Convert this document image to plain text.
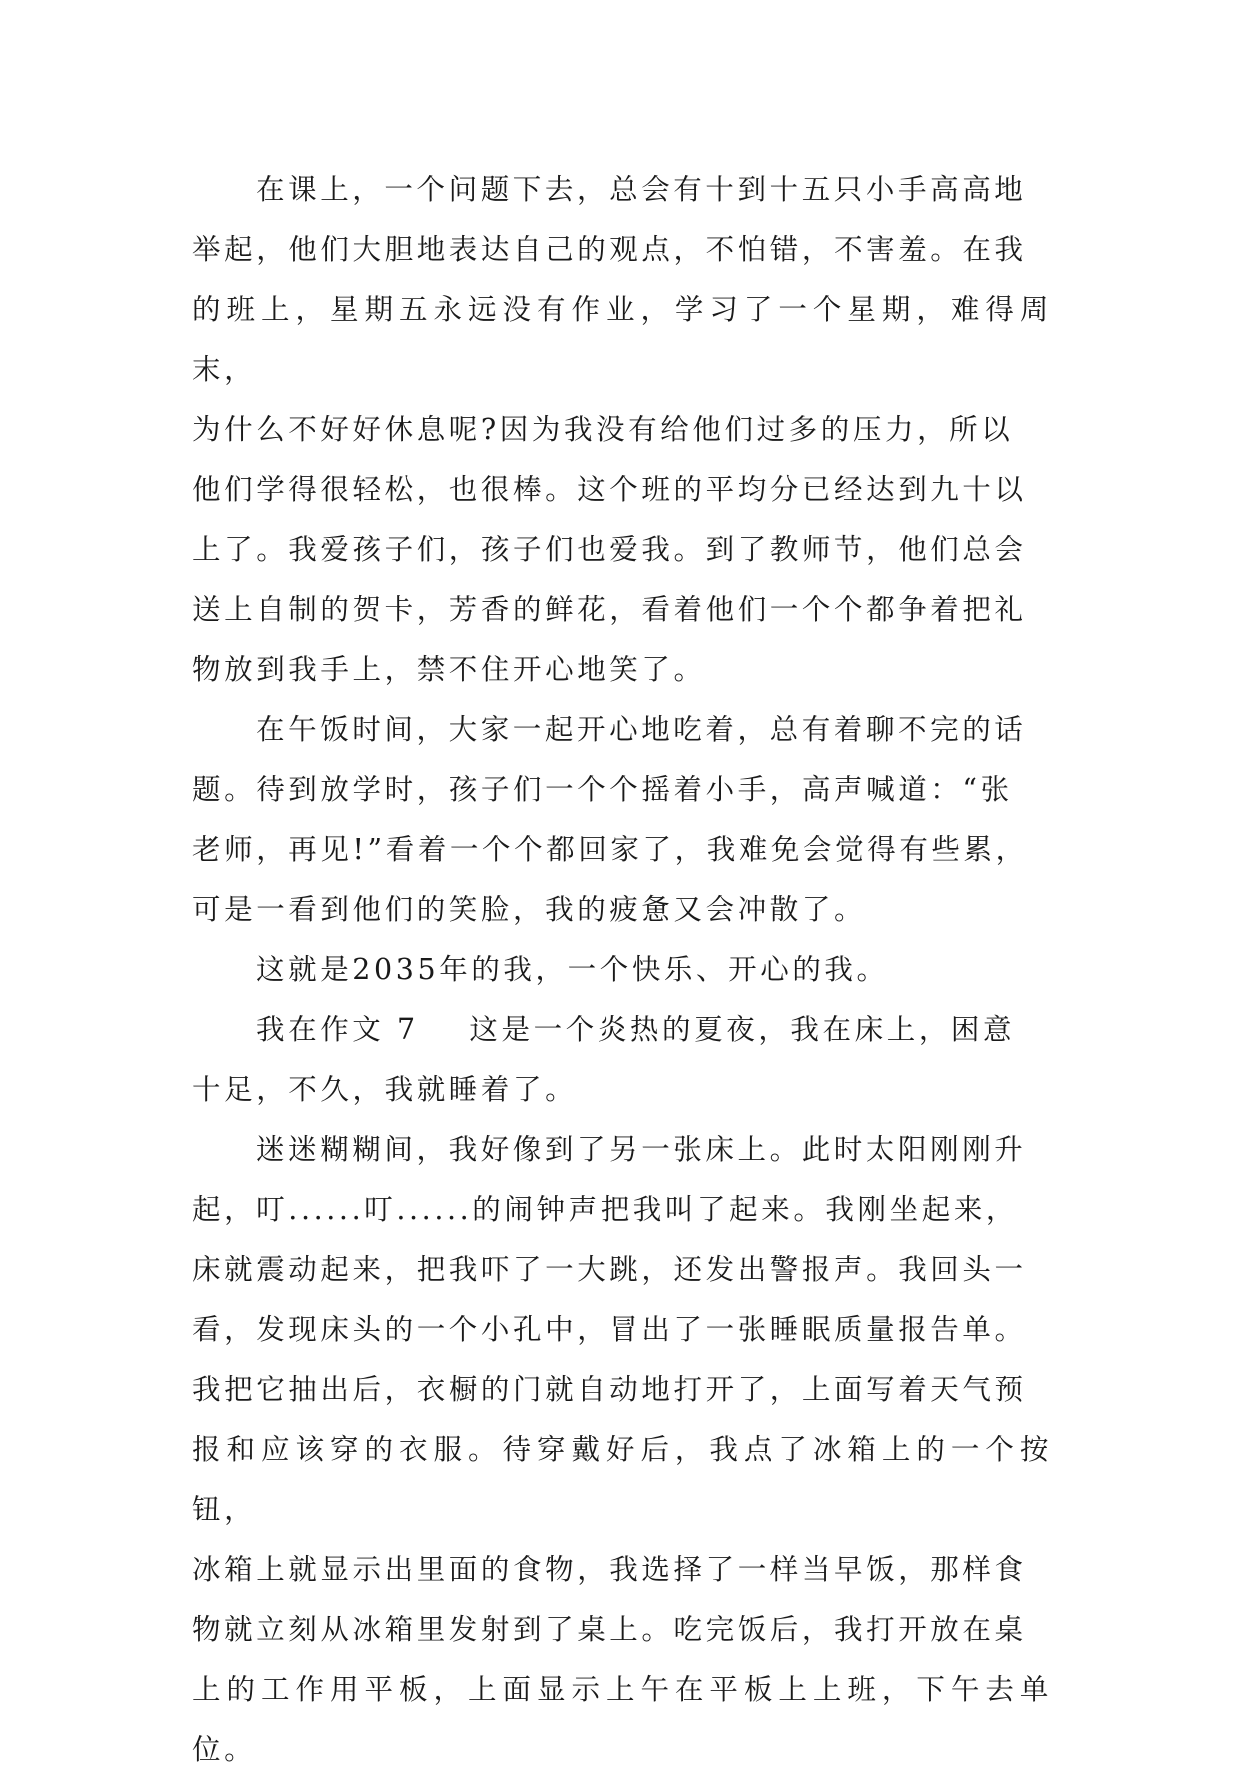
在课上，一个问题下去，总会有十到十五只小手高高地

举起，他们大胆地表达自己的观点，不怕错，不害羞。在我

的班上，星期五永远没有作业，学习了一个星期，难得周末，

为什么不好好休息呢?因为我没有给他们过多的压力，所以

他们学得很轻松，也很棒。这个班的平均分已经达到九十以

上了。我爱孩子们，孩子们也爱我。到了教师节，他们总会

送上自制的贺卡，芳香的鲜花，看着他们一个个都争着把礼

物放到我手上，禁不住开心地笑了。

在午饭时间，大家一起开心地吃着，总有着聊不完的话

题。待到放学时，孩子们一个个摇着小手，高声喊道：“张

老师，再见!”看着一个个都回家了，我难免会觉得有些累，

可是一看到他们的笑脸，我的疲惫又会冲散了。

这就是2035年的我，一个快乐、开心的我。

我在作文 7    这是一个炎热的夏夜，我在床上，困意

十足，不久，我就睡着了。

迷迷糊糊间，我好像到了另一张床上。此时太阳刚刚升

起，叮......叮......的闹钟声把我叫了起来。我刚坐起来，

床就震动起来，把我吓了一大跳，还发出警报声。我回头一

看，发现床头的一个小孔中，冒出了一张睡眠质量报告单。

我把它抽出后，衣橱的门就自动地打开了，上面写着天气预

报和应该穿的衣服。待穿戴好后，我点了冰箱上的一个按钮，

冰箱上就显示出里面的食物，我选择了一样当早饭，那样食

物就立刻从冰箱里发射到了桌上。吃完饭后，我打开放在桌

上的工作用平板，上面显示上午在平板上上班，下午去单位。
